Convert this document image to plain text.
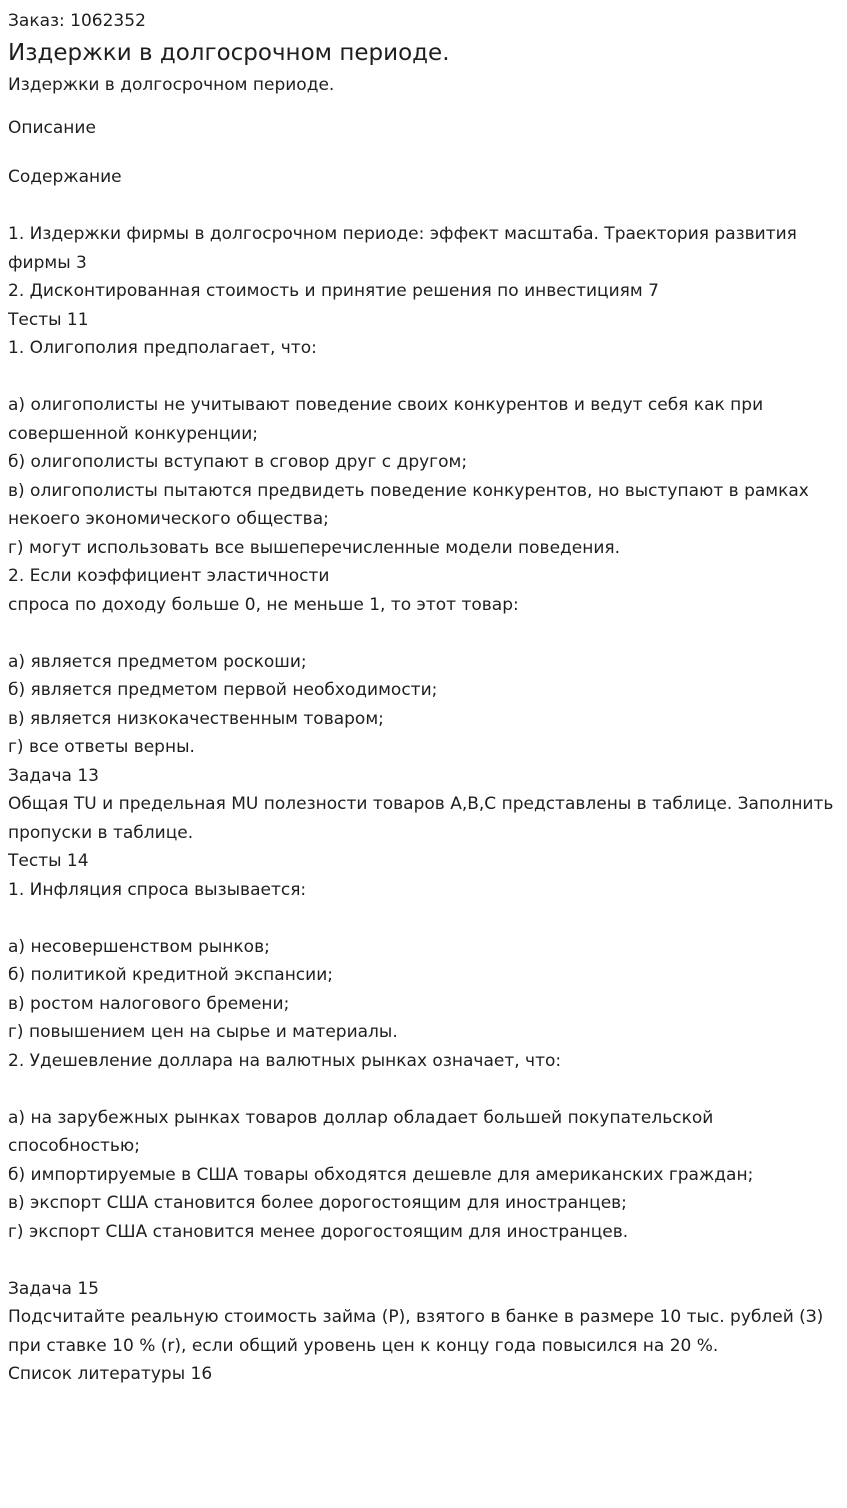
Заказ: 1062352
Издержки в долгосрочном периоде.
Издержки в долгосрочном периоде.
Описание
Содержание

1. Издержки фирмы в долгосрочном периоде: эффект масштаба. Траектория развития фирмы 3
2. Дисконтированная стоимость и принятие решения по инвестициям 7
Тесты 11
1. Олигополия предполагает, что:

а) олигополисты не учитывают поведение своих конкурентов и ведут себя как при совершенной конкуренции;
б) олигополисты вступают в сговор друг с другом;
в) олигополисты пытаются предвидеть поведение конкурентов, но выступают в рамках некоего экономического общества;
г) могут использовать все вышеперечисленные модели поведения.
2. Если коэффициент эластичности
спроса по доходу больше 0, не меньше 1, то этот товар:

а) является предметом роскоши;
б) является предметом первой необходимости;
в) является низкокачественным товаром;
г) все ответы верны.
Задача 13
Общая TU и предельная MU полезности товаров A,B,C представлены в таблице. Заполнить пропуски в таблице.
Тесты 14
1. Инфляция спроса вызывается:

а) несовершенством рынков;
б) политикой кредитной экспансии;
в) ростом налогового бремени;
г) повышением цен на сырье и материалы.
2. Удешевление доллара на валютных рынках означает, что:

а) на зарубежных рынках товаров доллар обладает большей покупательской способностью;
б) импортируемые в США товары обходятся дешевле для американских граждан;
в) экспорт США становится более дорогостоящим для иностранцев;
г) экспорт США становится менее дорогостоящим для иностранцев.

Задача 15
Подсчитайте реальную стоимость займа (Р), взятого в банке в размере 10 тыс. рублей (З) при ставке 10 % (r), если общий уровень цен к концу года повысился на 20 %.
Список литературы 16
